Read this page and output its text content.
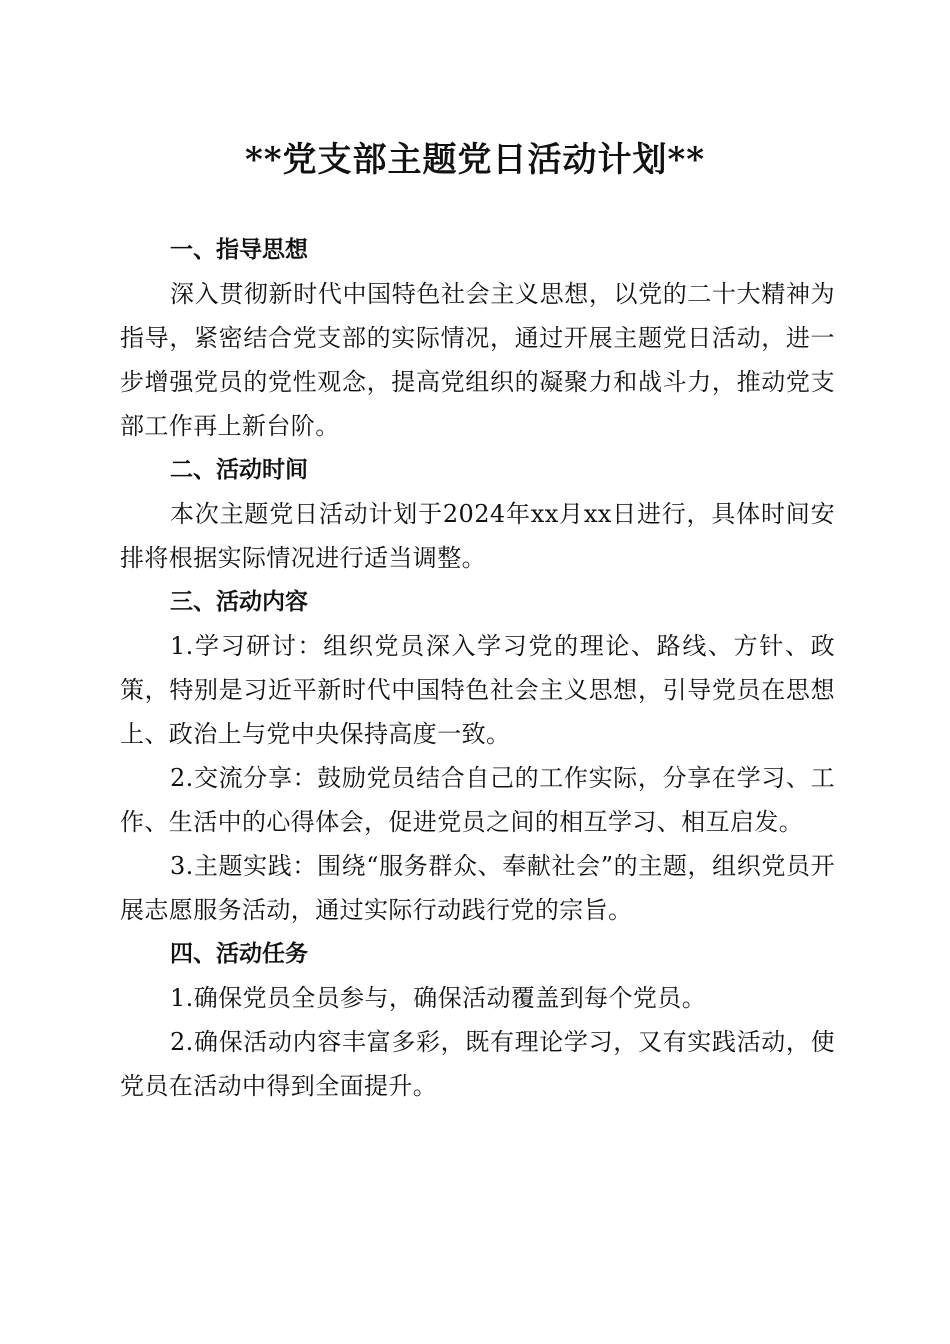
**党支部主题党日活动计划**
一、指导思想

深入贯彻新时代中国特色社会主义思想，以党的二十大精神为指导，紧密结合党支部的实际情况，通过开展主题党日活动，进一步增强党员的党性观念，提高党组织的凝聚力和战斗力，推动党支部工作再上新台阶。

二、活动时间

本次主题党日活动计划于2024年xx月xx日进行，具体时间安排将根据实际情况进行适当调整。

三、活动内容

1.学习研讨：组织党员深入学习党的理论、路线、方针、政策，特别是习近平新时代中国特色社会主义思想，引导党员在思想上、政治上与党中央保持高度一致。

2.交流分享：鼓励党员结合自己的工作实际，分享在学习、工作、生活中的心得体会，促进党员之间的相互学习、相互启发。

3.主题实践：围绕“服务群众、奉献社会”的主题，组织党员开展志愿服务活动，通过实际行动践行党的宗旨。

四、活动任务

1.确保党员全员参与，确保活动覆盖到每个党员。

2.确保活动内容丰富多彩，既有理论学习，又有实践活动，使党员在活动中得到全面提升。
